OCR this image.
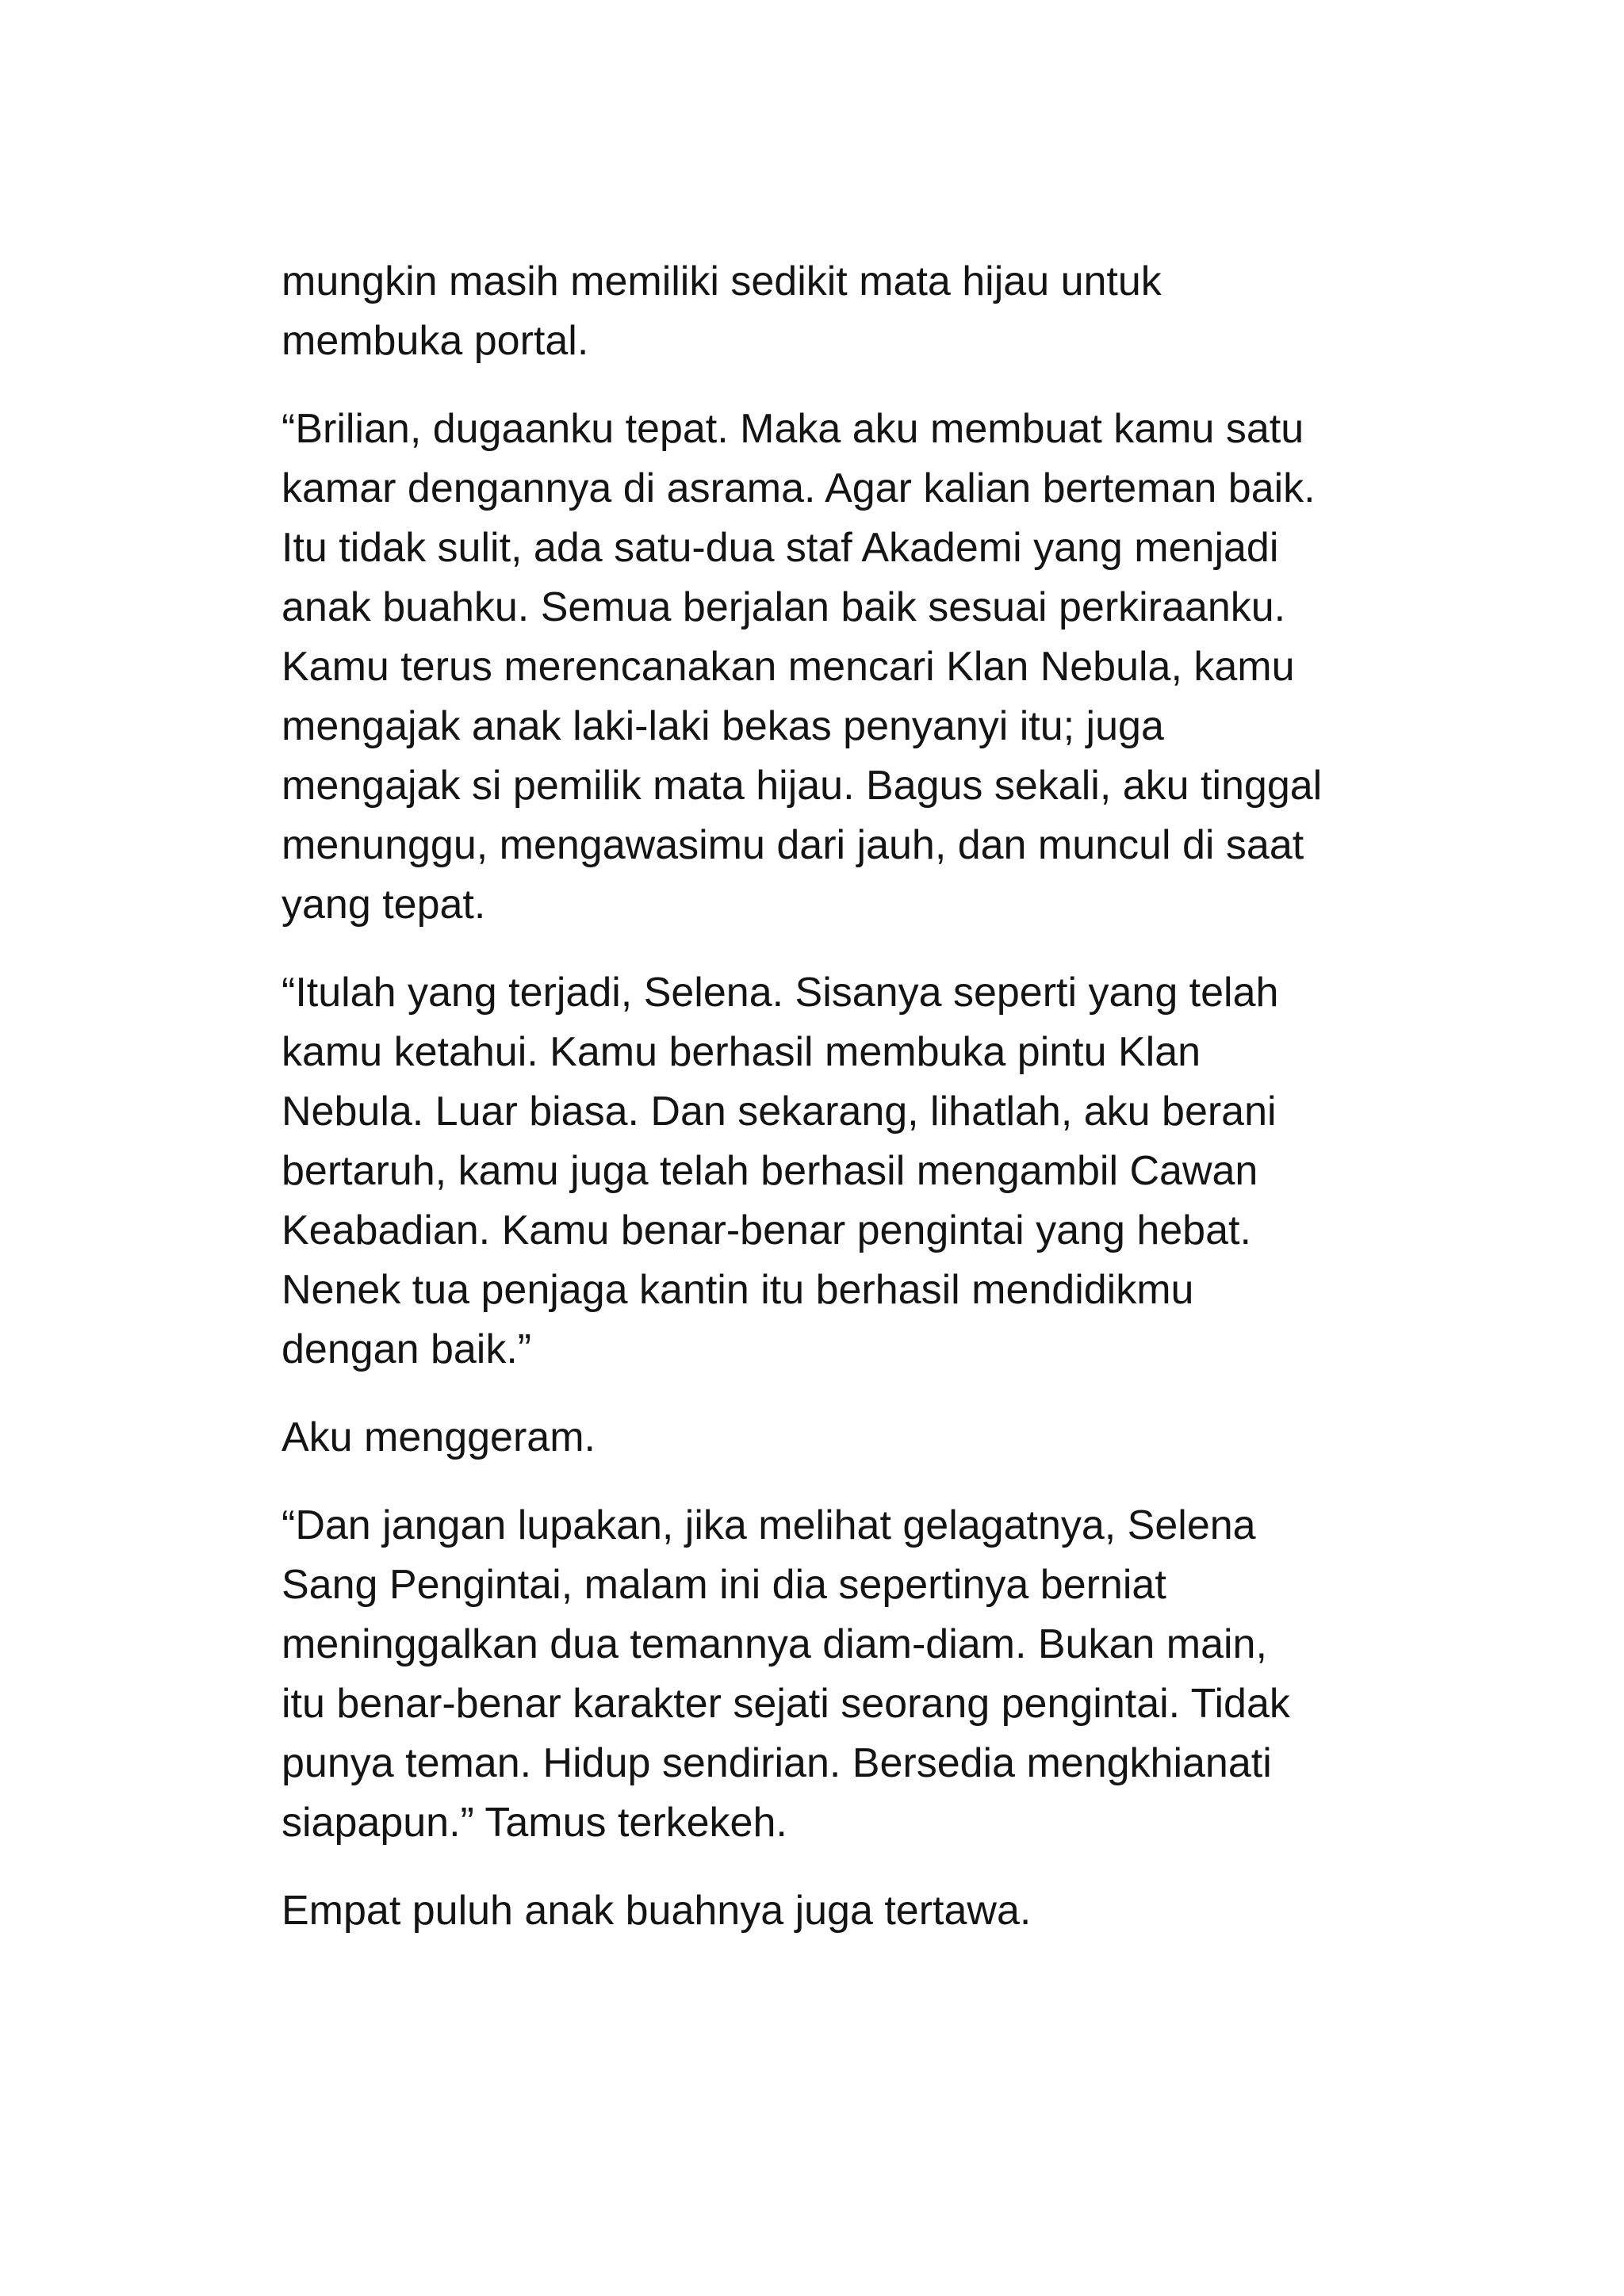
mungkin masih memiliki sedikit mata hijau untuk
membuka portal.

“Brilian, dugaanku tepat. Maka aku membuat kamu satu
kamar dengannya di asrama. Agar kalian berteman baik.
Itu tidak sulit, ada satu-dua staf Akademi yang menjadi
anak buahku. Semua berjalan baik sesuai perkiraanku.
Kamu terus merencanakan mencari Klan Nebula, kamu
mengajak anak laki-laki bekas penyanyi itu; juga
mengajak si pemilik mata hijau. Bagus sekali, aku tinggal
menunggu, mengawasimu dari jauh, dan muncul di saat
yang tepat.

“Itulah yang terjadi, Selena. Sisanya seperti yang telah
kamu ketahui. Kamu berhasil membuka pintu Klan
Nebula. Luar biasa. Dan sekarang, lihatlah, aku berani
bertaruh, kamu juga telah berhasil mengambil Cawan
Keabadian. Kamu benar-benar pengintai yang hebat.
Nenek tua penjaga kantin itu berhasil mendidikmu
dengan baik.”

Aku menggeram.

“Dan jangan lupakan, jika melihat gelagatnya, Selena
Sang Pengintai, malam ini dia sepertinya berniat
meninggalkan dua temannya diam-diam. Bukan main,
itu benar-benar karakter sejati seorang pengintai. Tidak
punya teman. Hidup sendirian. Bersedia mengkhianati
siapapun.” Tamus terkekeh.

Empat puluh anak buahnya juga tertawa.
